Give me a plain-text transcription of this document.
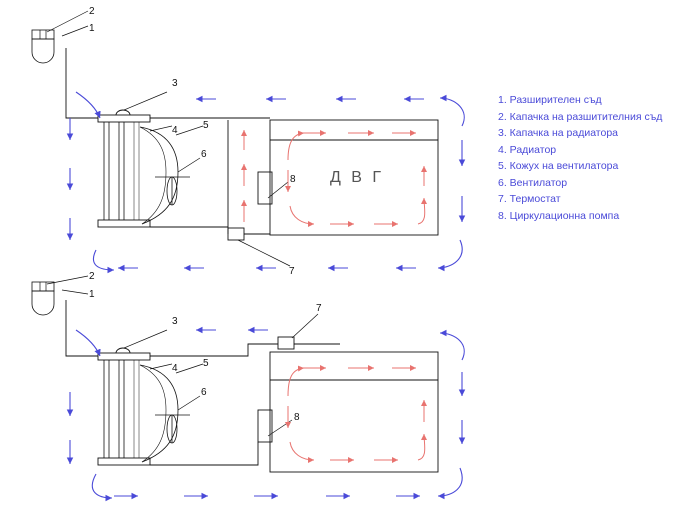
2
1
3
4	5
6
Д В Г
8
7
2
1
3
4	5
6
8
7
1. Разширителен съд
2. Капачка на разшитителния съд
3. Капачка на радиатора
4. Радиатор
5. Кожух на вентилатора
6. Вентилатор
7. Термостат
8. Циркулационна помпа
